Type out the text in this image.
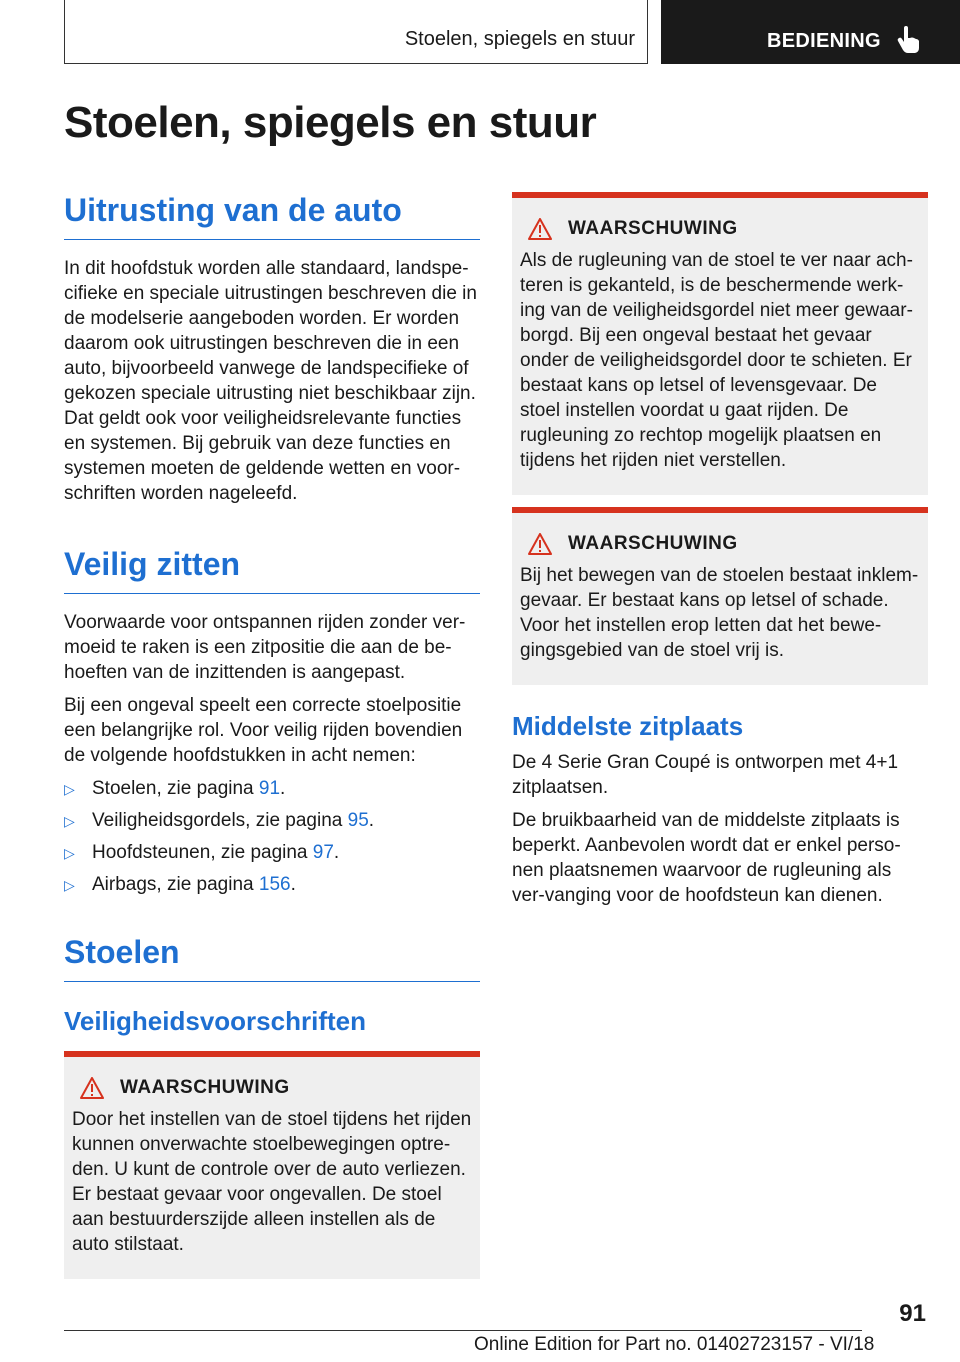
Stoelen, spiegels en stuur	BEDIENING
Stoelen, spiegels en stuur
Uitrusting van de auto

In dit hoofdstuk worden alle standaard, landspe-cifieke en speciale uitrustingen beschreven die in de modelserie aangeboden worden. Er worden daarom ook uitrustingen beschreven die in een auto, bijvoorbeeld vanwege de landspecifieke of gekozen speciale uitrusting niet beschikbaar zijn. Dat geldt ook voor veiligheidsrelevante functies en systemen. Bij gebruik van deze functies en systemen moeten de geldende wetten en voor-schriften worden nageleefd.

Veilig zitten

Voorwaarde voor ontspannen rijden zonder ver-moeid te raken is een zitpositie die aan de be-hoeften van de inzittenden is aangepast.

Bij een ongeval speelt een correcte stoelpositie een belangrijke rol. Voor veilig rijden bovendien de volgende hoofdstukken in acht nemen:

▷ Stoelen, zie pagina 91.
▷ Veiligheidsgordels, zie pagina 95.
▷ Hoofdsteunen, zie pagina 97.
▷ Airbags, zie pagina 156.
Stoelen
Veiligheidsvoorschriften
WAARSCHUWING

Door het instellen van de stoel tijdens het rijden kunnen onverwachte stoelbewegingen optre-den. U kunt de controle over de auto verliezen. Er bestaat gevaar voor ongevallen. De stoel aan bestuurderszijde alleen instellen als de auto stilstaat.

WAARSCHUWING

Als de rugleuning van de stoel te ver naar ach-teren is gekanteld, is de beschermende werk-ing van de veiligheidsgordel niet meer gewaar-borgd. Bij een ongeval bestaat het gevaar onder de veiligheidsgordel door te schieten. Er bestaat kans op letsel of levensgevaar. De stoel instellen voordat u gaat rijden. De rugleuning zo rechtop mogelijk plaatsen en tijdens het rijden niet verstellen.

WAARSCHUWING

Bij het bewegen van de stoelen bestaat inklem-gevaar. Er bestaat kans op letsel of schade. Voor het instellen erop letten dat het bewe-gingsgebied van de stoel vrij is.

Middelste zitplaats

De 4 Serie Gran Coupé is ontworpen met 4+1 zitplaatsen.

De bruikbaarheid van de middelste zitplaats is beperkt. Aanbevolen wordt dat er enkel perso-nen plaatsnemen waarvoor de rugleuning als ver-vanging voor de hoofdsteun kan dienen.

91
Online Edition for Part no. 01402723157 - VI/18
